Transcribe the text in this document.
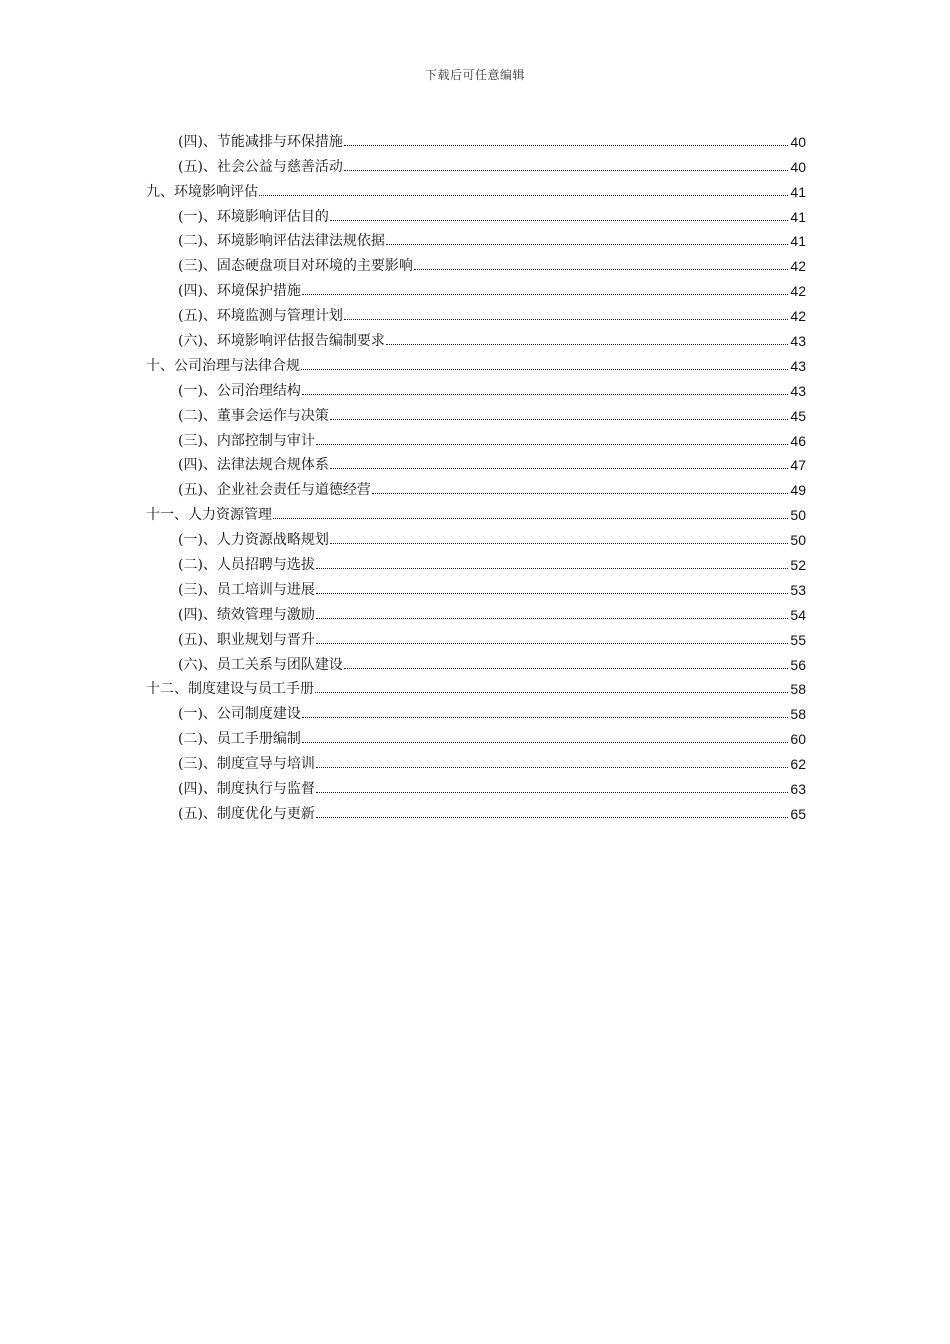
下载后可任意编辑
(四)、节能减排与环保措施	40
(五)、社会公益与慈善活动	40
九、环境影响评估	41
(一)、环境影响评估目的	41
(二)、环境影响评估法律法规依据	41
(三)、固态硬盘项目对环境的主要影响	42
(四)、环境保护措施	42
(五)、环境监测与管理计划	42
(六)、环境影响评估报告编制要求	43
十、公司治理与法律合规	43
(一)、公司治理结构	43
(二)、董事会运作与决策	45
(三)、内部控制与审计	46
(四)、法律法规合规体系	47
(五)、企业社会责任与道德经营	49
十一、人力资源管理	50
(一)、人力资源战略规划	50
(二)、人员招聘与选拔	52
(三)、员工培训与进展	53
(四)、绩效管理与激励	54
(五)、职业规划与晋升	55
(六)、员工关系与团队建设	56
十二、制度建设与员工手册	58
(一)、公司制度建设	58
(二)、员工手册编制	60
(三)、制度宣导与培训	62
(四)、制度执行与监督	63
(五)、制度优化与更新	65
